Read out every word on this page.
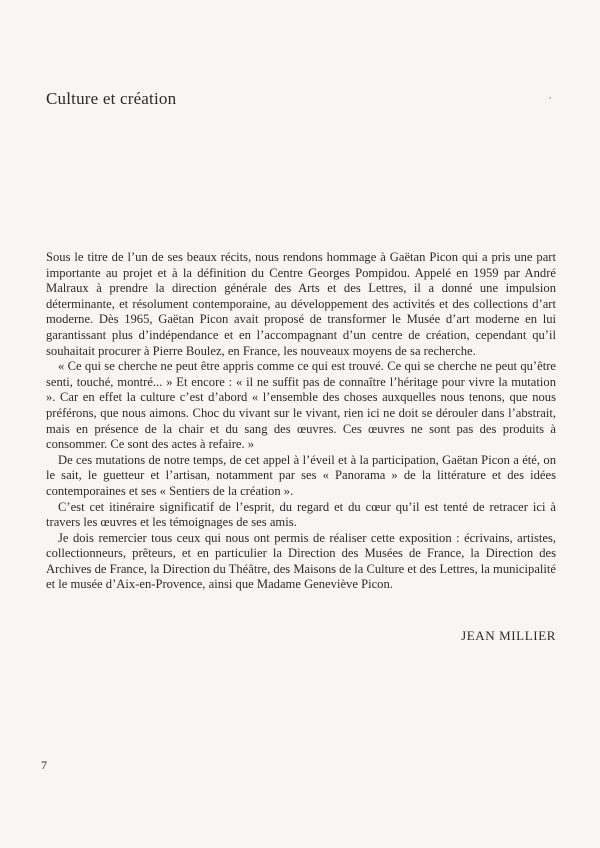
Culture et création

Sous le titre de l’un de ses beaux récits, nous rendons hommage à Gaëtan Picon qui a pris une part importante au projet et à la définition du Centre Georges Pompidou. Appelé en 1959 par André Malraux à prendre la direction générale des Arts et des Lettres, il a donné une impulsion déterminante, et résolument contemporaine, au développement des activités et des collections d’art moderne. Dès 1965, Gaëtan Picon avait proposé de transformer le Musée d’art moderne en lui garantissant plus d’indépendance et en l’accompagnant d’un centre de création, cependant qu’il souhaitait procurer à Pierre Boulez, en France, les nouveaux moyens de sa recherche.

« Ce qui se cherche ne peut être appris comme ce qui est trouvé. Ce qui se cherche ne peut qu’être senti, touché, montré... » Et encore : « il ne suffit pas de connaître l’héritage pour vivre la mutation ». Car en effet la culture c’est d’abord « l’ensemble des choses auxquelles nous tenons, que nous préférons, que nous aimons. Choc du vivant sur le vivant, rien ici ne doit se dérouler dans l’abstrait, mais en présence de la chair et du sang des œuvres. Ces œuvres ne sont pas des produits à consommer. Ce sont des actes à refaire. »

De ces mutations de notre temps, de cet appel à l’éveil et à la participation, Gaëtan Picon a été, on le sait, le guetteur et l’artisan, notamment par ses « Panorama » de la littérature et des idées contemporaines et ses « Sentiers de la création ».

C’est cet itinéraire significatif de l’esprit, du regard et du cœur qu’il est tenté de retracer ici à travers les œuvres et les témoignages de ses amis.

Je dois remercier tous ceux qui nous ont permis de réaliser cette exposition : écrivains, artistes, collectionneurs, prêteurs, et en particulier la Direction des Musées de France, la Direction des Archives de France, la Direction du Théâtre, des Maisons de la Culture et des Lettres, la municipalité et le musée d’Aix-en-Provence, ainsi que Madame Geneviève Picon.

JEAN MILLIER

7
